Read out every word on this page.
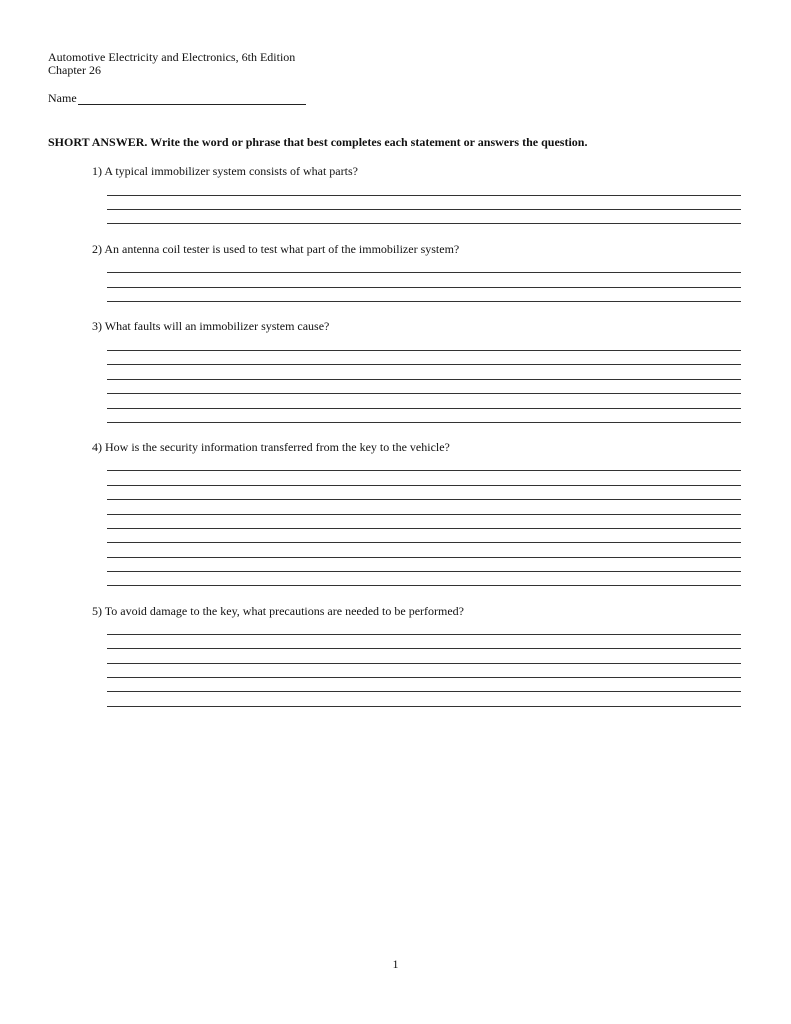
Automotive Electricity and Electronics, 6th Edition
Chapter 26
Name
SHORT ANSWER. Write the word or phrase that best completes each statement or answers the question.
1) A typical immobilizer system consists of what parts?
2) An antenna coil tester is used to test what part of the immobilizer system?
3) What faults will an immobilizer system cause?
4) How is the security information transferred from the key to the vehicle?
5) To avoid damage to the key, what precautions are needed to be performed?
1
